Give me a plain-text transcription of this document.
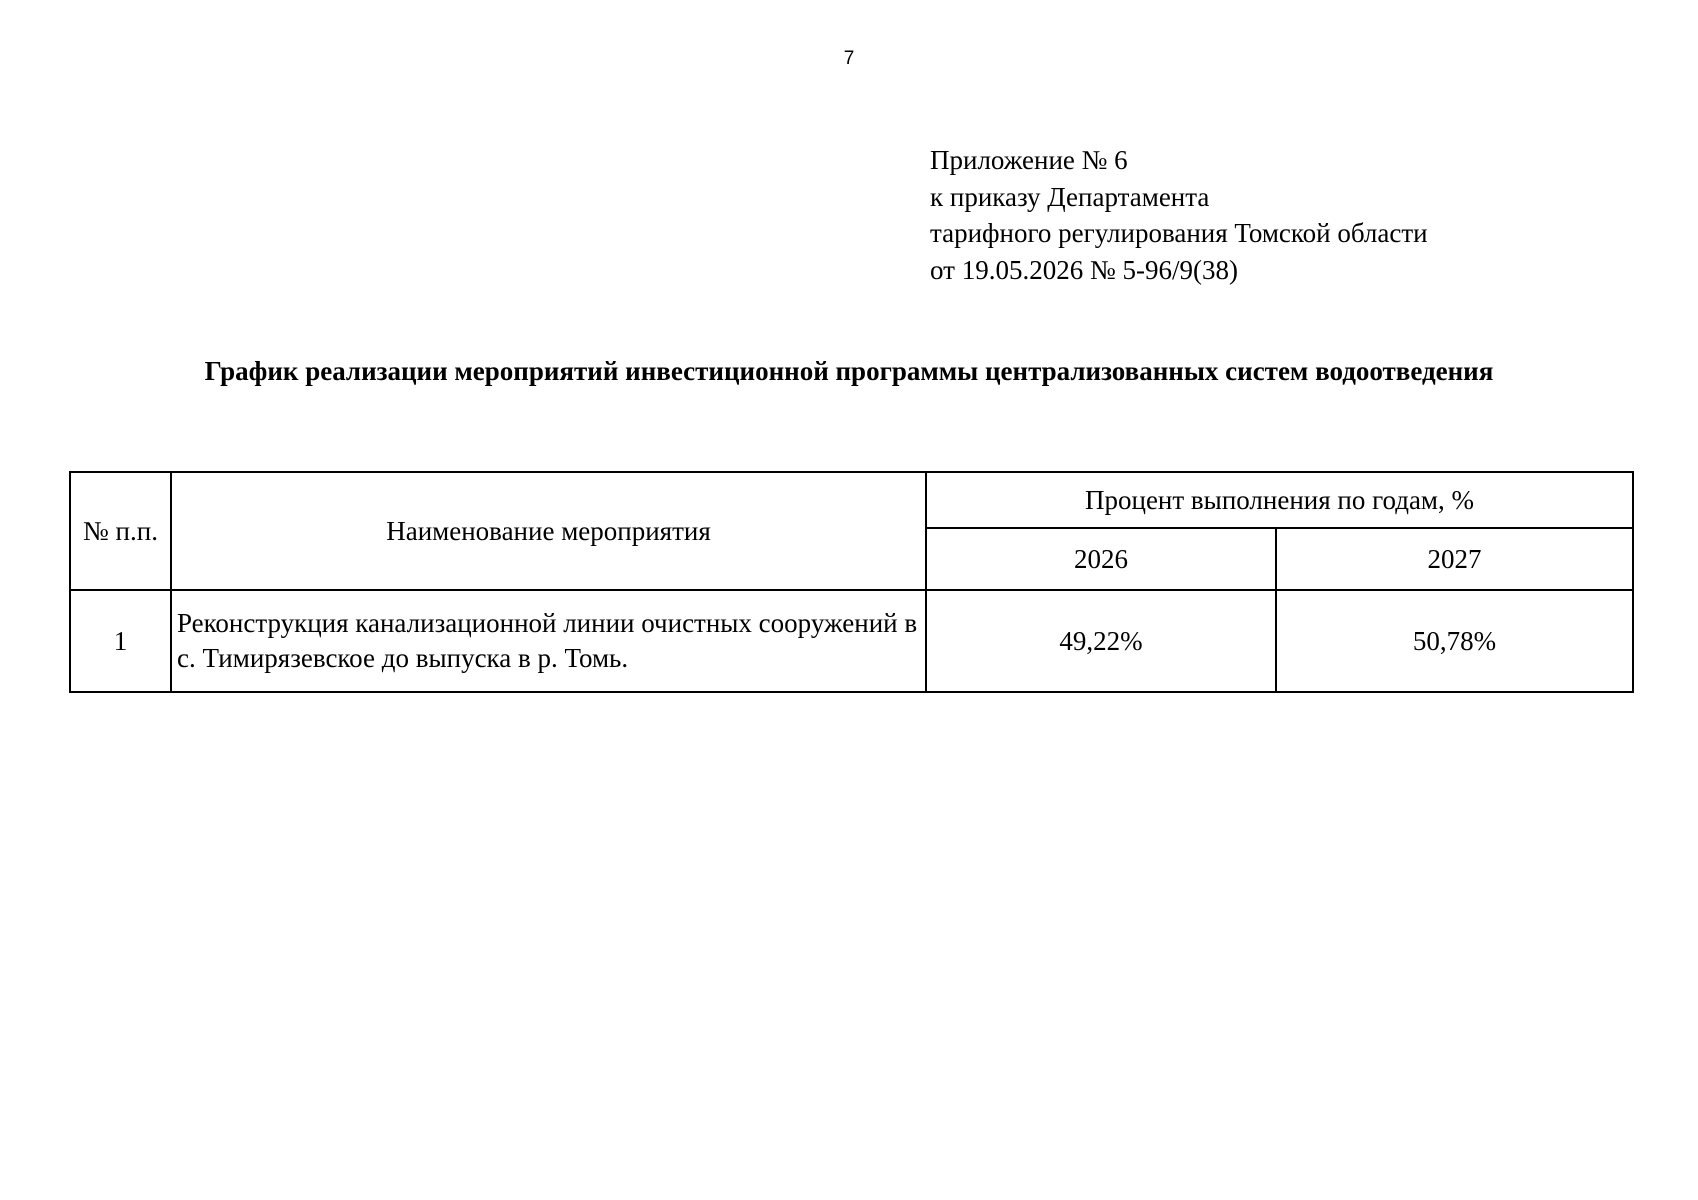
7
Приложение № 6
к приказу Департамента
тарифного регулирования Томской области
от 19.05.2026 № 5-96/9(38)
График реализации мероприятий инвестиционной программы централизованных систем водоотведения
№ п.п.	Наименование мероприятия	Процент выполнения по годам, %	
		2026	2027
1	Реконструкция канализационной линии очистных сооружений в с. Тимирязевское до выпуска в р. Томь.	49,22%	50,78%
